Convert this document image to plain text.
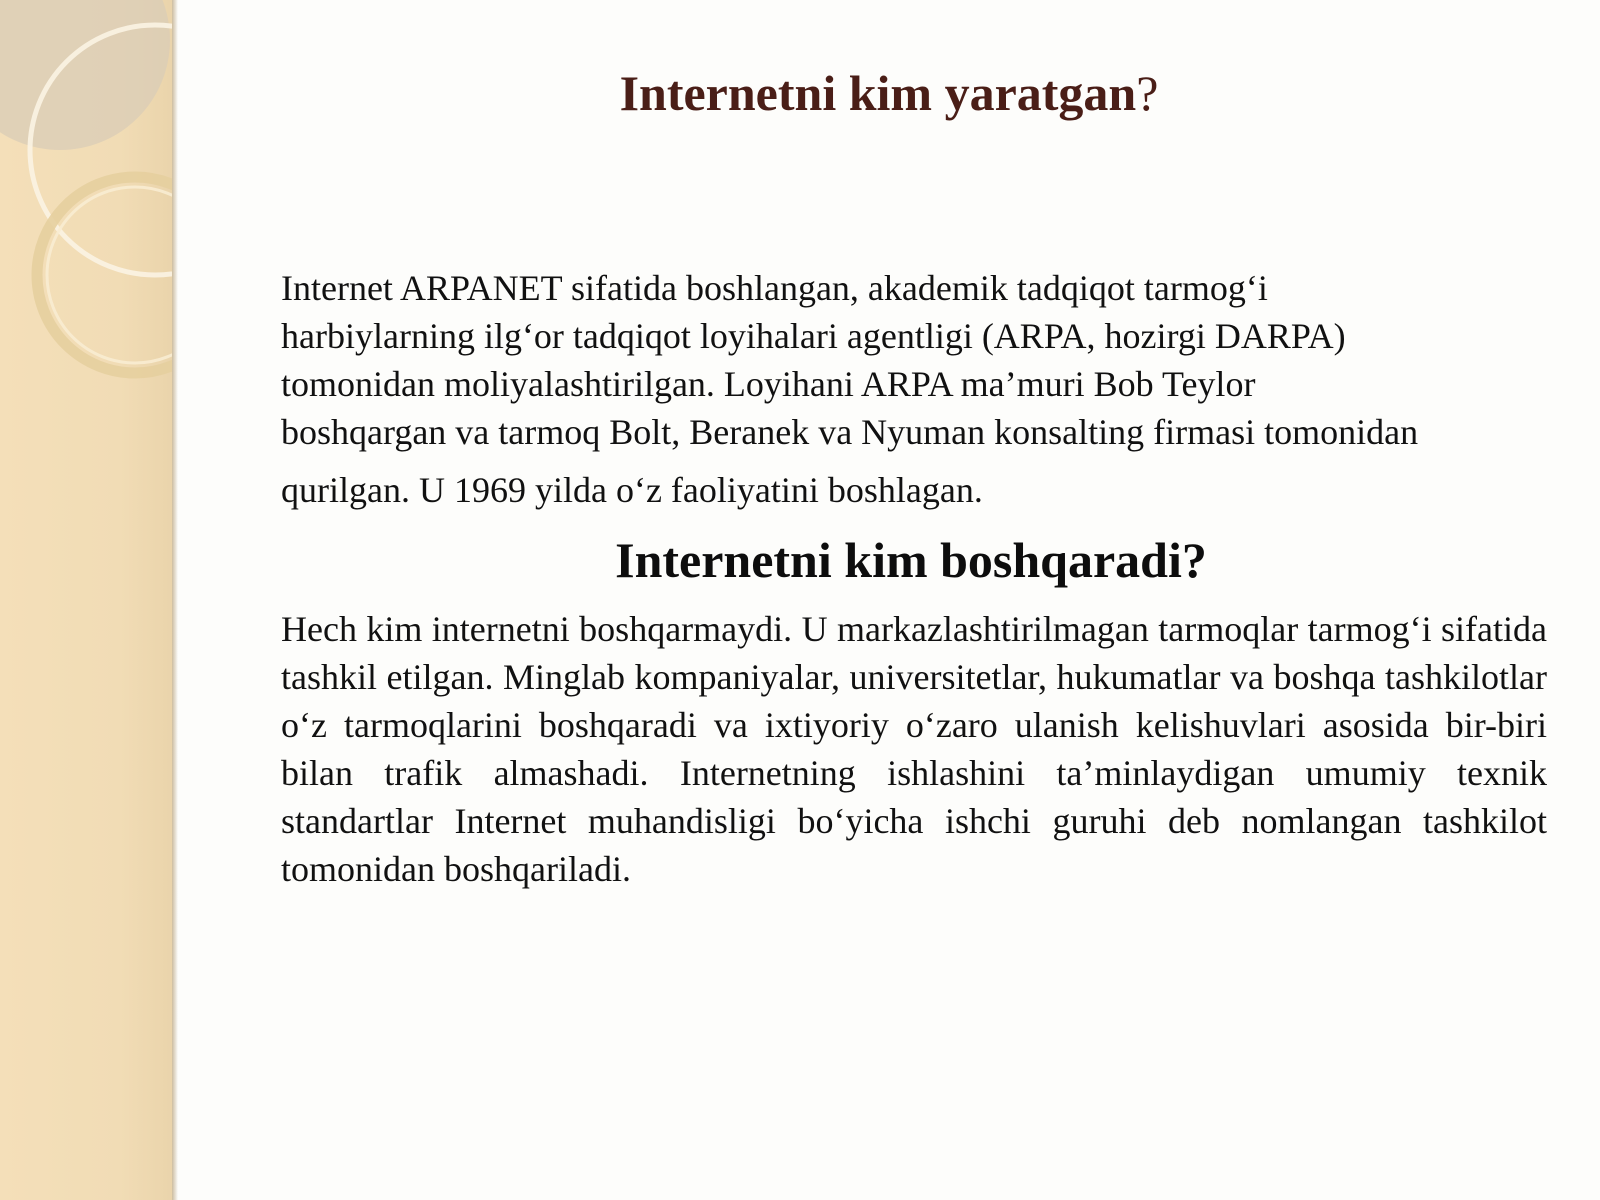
Internetni kim yaratgan?

Internet ARPANET sifatida boshlangan, akademik tadqiqot tarmog‘i
harbiylarning ilg‘or tadqiqot loyihalari agentligi (ARPA, hozirgi DARPA)
tomonidan moliyalashtirilgan. Loyihani ARPA ma’muri Bob Teylor
boshqargan va tarmoq Bolt, Beranek va Nyuman konsalting firmasi tomonidan
qurilgan. U 1969 yilda o‘z faoliyatini boshlagan.

Internetni kim boshqaradi?

Hech kim internetni boshqarmaydi. U markazlashtirilmagan tarmoqlar tarmog‘i sifatida tashkil etilgan. Minglab kompaniyalar, universitetlar, hukumatlar va boshqa tashkilotlar o‘z tarmoqlarini boshqaradi va ixtiyoriy o‘zaro ulanish kelishuvlari asosida bir-biri bilan trafik almashadi. Internetning ishlashini ta’minlaydigan umumiy texnik standartlar Internet muhandisligi bo‘yicha ishchi guruhi deb nomlangan tashkilot tomonidan boshqariladi.
